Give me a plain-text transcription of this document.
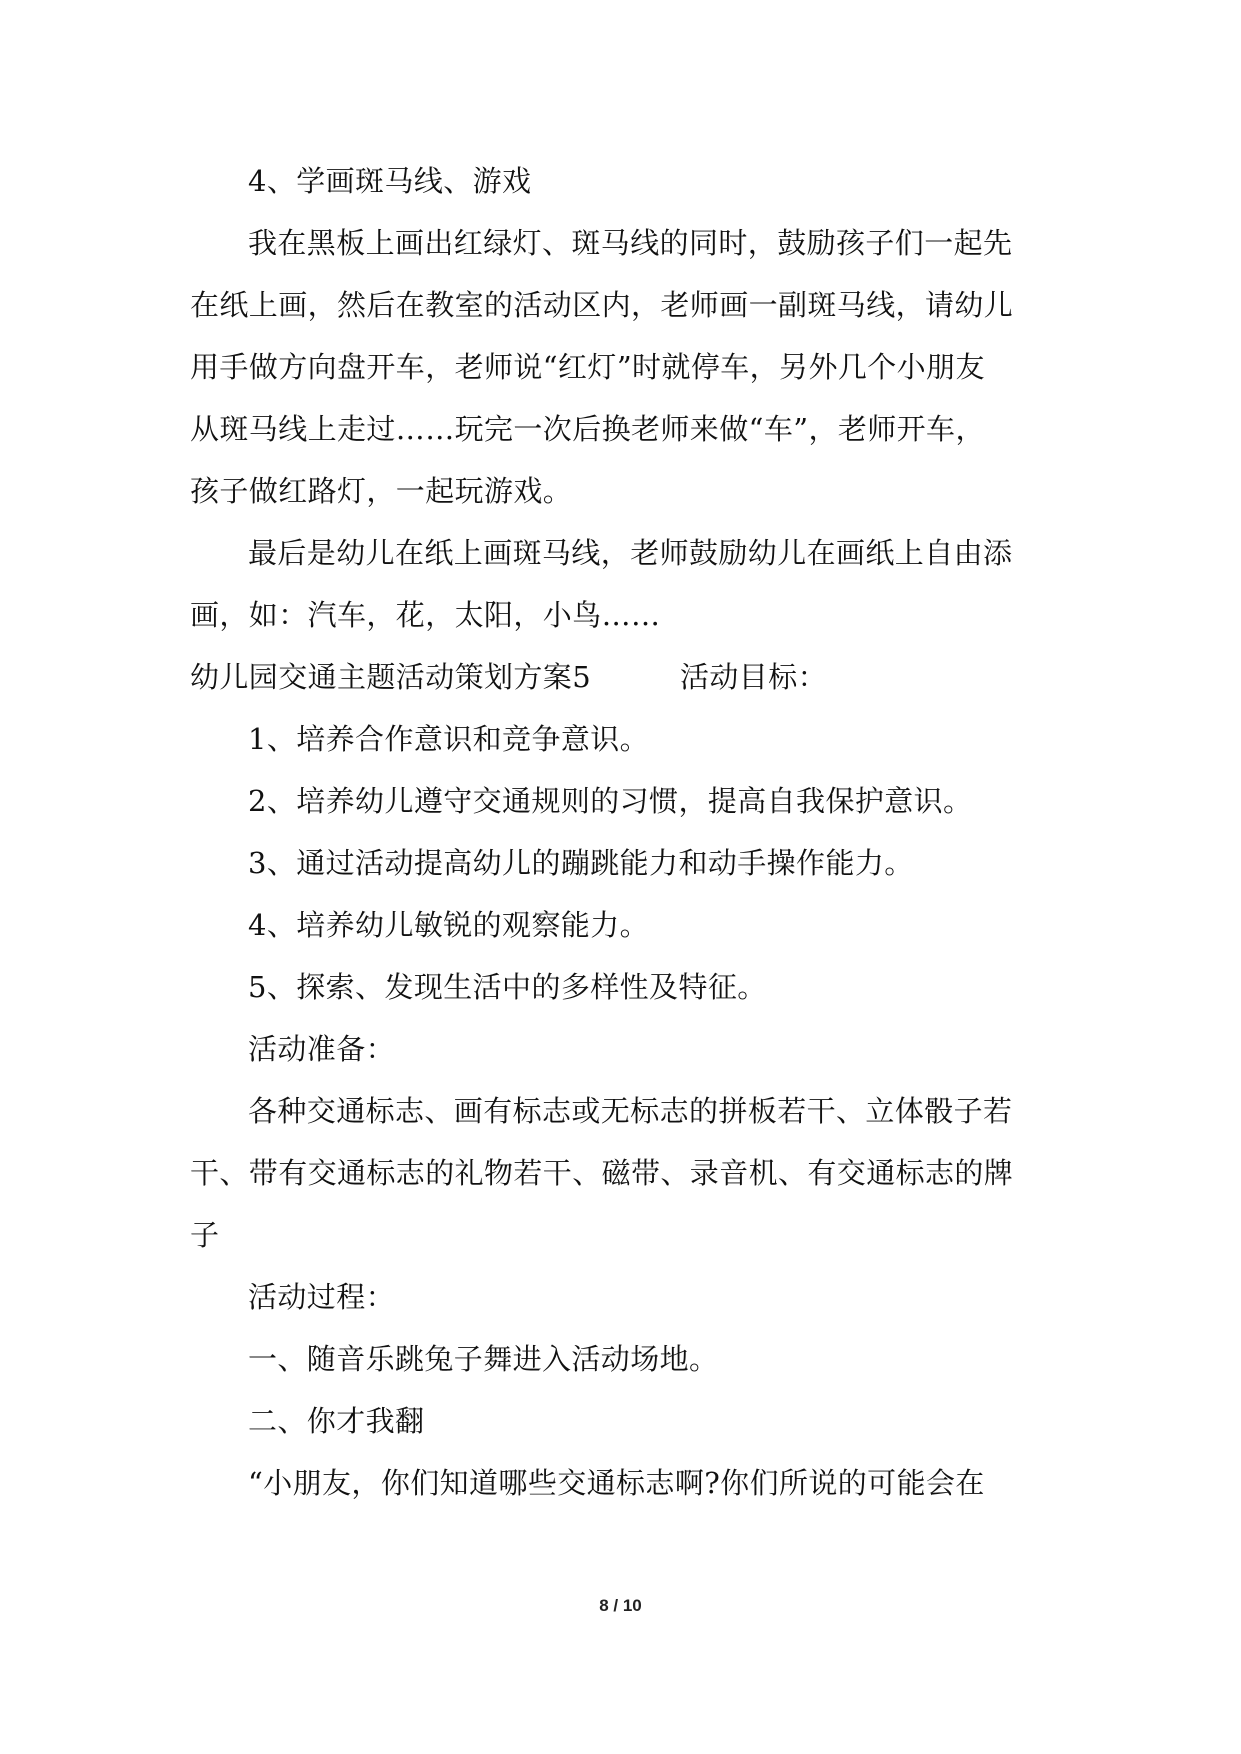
4、学画斑马线、游戏
我在黑板上画出红绿灯、斑马线的同时，鼓励孩子们一起先
在纸上画，然后在教室的活动区内，老师画一副斑马线，请幼儿
用手做方向盘开车，老师说“红灯”时就停车，另外几个小朋友
从斑马线上走过……玩完一次后换老师来做“车”，老师开车，
孩子做红路灯，一起玩游戏。
最后是幼儿在纸上画斑马线，老师鼓励幼儿在画纸上自由添
画，如：汽车，花，太阳，小鸟……
幼儿园交通主题活动策划方案5	活动目标：
1、培养合作意识和竞争意识。
2、培养幼儿遵守交通规则的习惯，提高自我保护意识。
3、通过活动提高幼儿的蹦跳能力和动手操作能力。
4、培养幼儿敏锐的观察能力。
5、探索、发现生活中的多样性及特征。
活动准备：
各种交通标志、画有标志或无标志的拼板若干、立体骰子若
干、带有交通标志的礼物若干、磁带、录音机、有交通标志的牌
子
活动过程：
一、随音乐跳兔子舞进入活动场地。
二、你才我翻
“小朋友，你们知道哪些交通标志啊?你们所说的可能会在
8 / 10
